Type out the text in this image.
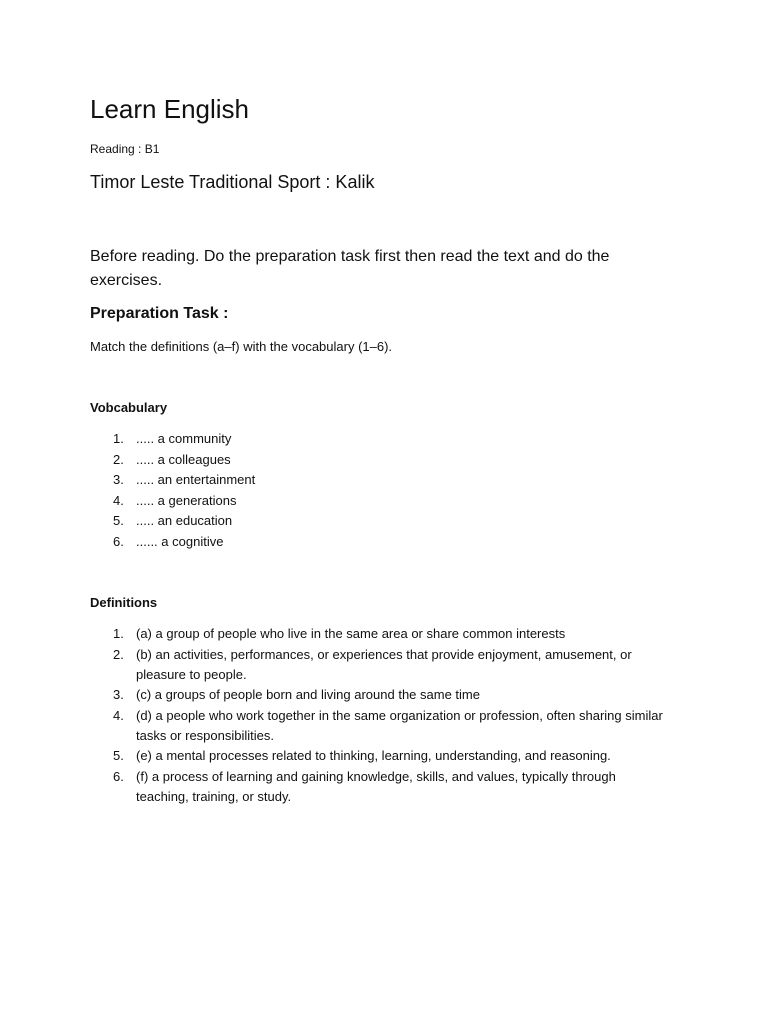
Learn English
Reading : B1
Timor Leste Traditional Sport : Kalik
Before reading. Do the preparation task first then read the text and do the exercises.
Preparation Task :
Match the definitions (a–f) with the vocabulary (1–6).
Vobcabulary
1. ..... a community
2. ..... a colleagues
3. ..... an entertainment
4. ..... a generations
5. ..... an education
6. ...... a cognitive
Definitions
1. (a) a group of people who live in the same area or share common interests
2. (b) an activities, performances, or experiences that provide enjoyment, amusement, or pleasure to people.
3. (c) a groups of people born and living around the same time
4. (d) a people who work together in the same organization or profession, often sharing similar tasks or responsibilities.
5. (e) a mental processes related to thinking, learning, understanding, and reasoning.
6. (f) a process of learning and gaining knowledge, skills, and values, typically through teaching, training, or study.
